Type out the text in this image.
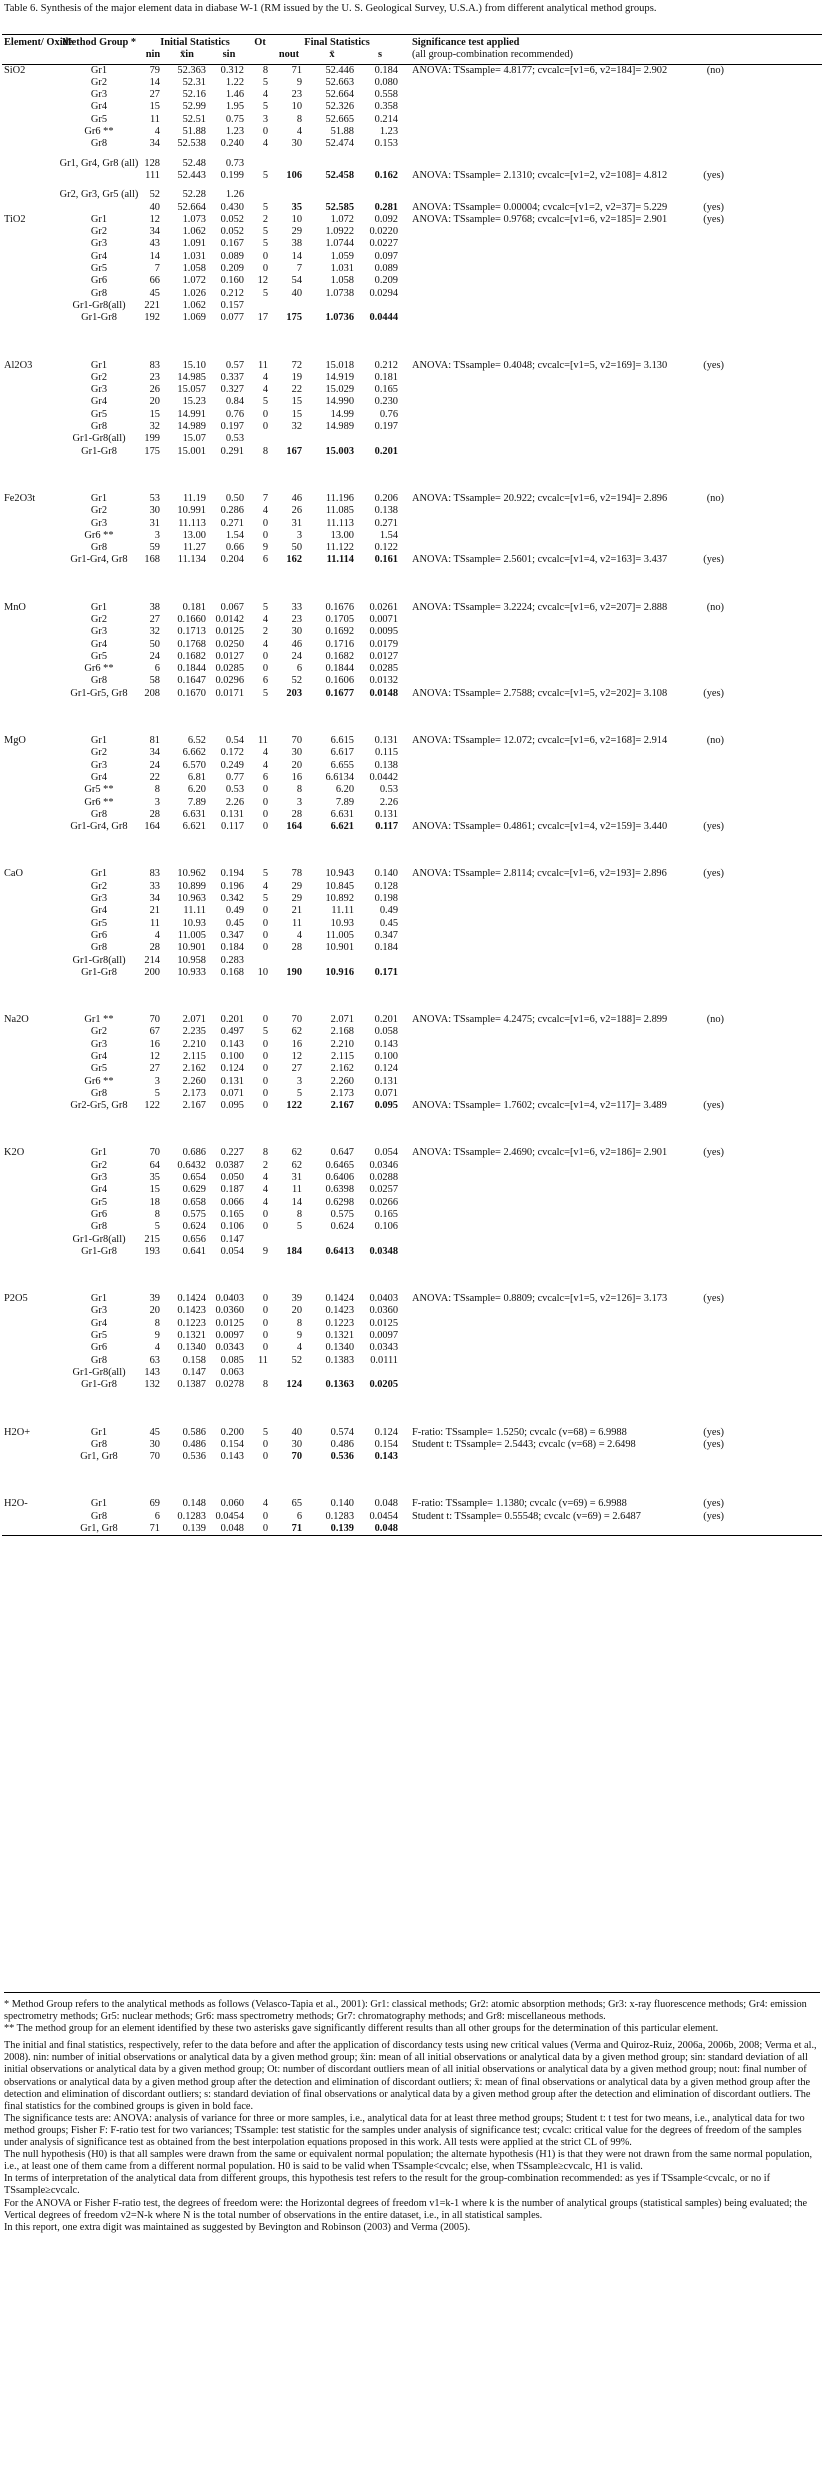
Table 6. Synthesis of the major element data in diabase W-1 (RM issued by the U. S. Geological Survey, U.S.A.) from different analytical method groups.
Element/ Oxide	Method Group *	Initial Statistics			Ot	Final Statistics			Significance test applied
		nin	x̄in	sin		nout	x̄	s	(all group-combination recommended)
SiO2	Gr1	79	52.363	0.312	8	71	52.446	0.184	ANOVA: TSsample= 4.8177; cvcalc=[v1=6, v2=184]= 2.902 (no)

	Gr2	14	52.31	1.22	5	9	52.663	0.080	
	Gr3	27	52.16	1.46	4	23	52.664	0.558	
	Gr4	15	52.99	1.95	5	10	52.326	0.358	
	Gr5	11	52.51	0.75	3	8	52.665	0.214	
	Gr6 **	4	51.88	1.23	0	4	51.88	1.23	
	Gr8	34	52.538	0.240	4	30	52.474	0.153	

	Gr1, Gr4, Gr8 (all)	128	52.48	0.73					
		111	52.443	0.199	5	106	52.458	0.162	ANOVA: TSsample= 2.1310; cvcalc=[v1=2, v2=108]= 4.812 (yes)

	Gr2, Gr3, Gr5 (all)	52	52.28	1.26					
		40	52.664	0.430	5	35	52.585	0.281	ANOVA: TSsample= 0.00004; cvcalc=[v1=2, v2=37]= 5.229 (yes)

TiO2	Gr1	12	1.073	0.052	2	10	1.072	0.092	ANOVA: TSsample= 0.9768; cvcalc=[v1=6, v2=185]= 2.901 (yes)

	Gr2	34	1.062	0.052	5	29	1.0922	0.0220	
	Gr3	43	1.091	0.167	5	38	1.0744	0.0227	
	Gr4	14	1.031	0.089	0	14	1.059	0.097	
	Gr5	7	1.058	0.209	0	7	1.031	0.089	
	Gr6	66	1.072	0.160	12	54	1.058	0.209	
	Gr8	45	1.026	0.212	5	40	1.0738	0.0294	
	Gr1-Gr8(all)	221	1.062	0.157					
	Gr1-Gr8	192	1.069	0.077	17	175	1.0736	0.0444	

Al2O3	Gr1	83	15.10	0.57	11	72	15.018	0.212	ANOVA: TSsample= 0.4048; cvcalc=[v1=5, v2=169]= 3.130 (yes)

	Gr2	23	14.985	0.337	4	19	14.919	0.181	
	Gr3	26	15.057	0.327	4	22	15.029	0.165	
	Gr4	20	15.23	0.84	5	15	14.990	0.230	
	Gr5	15	14.991	0.76	0	15	14.99	0.76	
	Gr8	32	14.989	0.197	0	32	14.989	0.197	
	Gr1-Gr8(all)	199	15.07	0.53					
	Gr1-Gr8	175	15.001	0.291	8	167	15.003	0.201	

Fe2O3t	Gr1	53	11.19	0.50	7	46	11.196	0.206	ANOVA: TSsample= 20.922; cvcalc=[v1=6, v2=194]= 2.896 (no)

	Gr2	30	10.991	0.286	4	26	11.085	0.138	
	Gr3	31	11.113	0.271	0	31	11.113	0.271	
	Gr6 **	3	13.00	1.54	0	3	13.00	1.54	
	Gr8	59	11.27	0.66	9	50	11.122	0.122	
	Gr1-Gr4, Gr8	168	11.134	0.204	6	162	11.114	0.161	ANOVA: TSsample= 2.5601; cvcalc=[v1=4, v2=163]= 3.437 (yes)

MnO	Gr1	38	0.181	0.067	5	33	0.1676	0.0261	ANOVA: TSsample= 3.2224; cvcalc=[v1=6, v2=207]= 2.888 (no)

	Gr2	27	0.1660	0.0142	4	23	0.1705	0.0071	
	Gr3	32	0.1713	0.0125	2	30	0.1692	0.0095	
	Gr4	50	0.1768	0.0250	4	46	0.1716	0.0179	
	Gr5	24	0.1682	0.0127	0	24	0.1682	0.0127	
	Gr6 **	6	0.1844	0.0285	0	6	0.1844	0.0285	
	Gr8	58	0.1647	0.0296	6	52	0.1606	0.0132	
	Gr1-Gr5, Gr8	208	0.1670	0.0171	5	203	0.1677	0.0148	ANOVA: TSsample= 2.7588; cvcalc=[v1=5, v2=202]= 3.108 (yes)

MgO	Gr1	81	6.52	0.54	11	70	6.615	0.131	ANOVA: TSsample= 12.072; cvcalc=[v1=6, v2=168]= 2.914 (no)

	Gr2	34	6.662	0.172	4	30	6.617	0.115	
	Gr3	24	6.570	0.249	4	20	6.655	0.138	
	Gr4	22	6.81	0.77	6	16	6.6134	0.0442	
	Gr5 **	8	6.20	0.53	0	8	6.20	0.53	
	Gr6 **	3	7.89	2.26	0	3	7.89	2.26	
	Gr8	28	6.631	0.131	0	28	6.631	0.131	
	Gr1-Gr4, Gr8	164	6.621	0.117	0	164	6.621	0.117	ANOVA: TSsample= 0.4861; cvcalc=[v1=4, v2=159]= 3.440 (yes)

CaO	Gr1	83	10.962	0.194	5	78	10.943	0.140	ANOVA: TSsample= 2.8114; cvcalc=[v1=6, v2=193]= 2.896 (yes)

	Gr2	33	10.899	0.196	4	29	10.845	0.128	
	Gr3	34	10.963	0.342	5	29	10.892	0.198	
	Gr4	21	11.11	0.49	0	21	11.11	0.49	
	Gr5	11	10.93	0.45	0	11	10.93	0.45	
	Gr6	4	11.005	0.347	0	4	11.005	0.347	
	Gr8	28	10.901	0.184	0	28	10.901	0.184	
	Gr1-Gr8(all)	214	10.958	0.283					
	Gr1-Gr8	200	10.933	0.168	10	190	10.916	0.171	

Na2O	Gr1 **	70	2.071	0.201	0	70	2.071	0.201	ANOVA: TSsample= 4.2475; cvcalc=[v1=6, v2=188]= 2.899 (no)

	Gr2	67	2.235	0.497	5	62	2.168	0.058	
	Gr3	16	2.210	0.143	0	16	2.210	0.143	
	Gr4	12	2.115	0.100	0	12	2.115	0.100	
	Gr5	27	2.162	0.124	0	27	2.162	0.124	
	Gr6 **	3	2.260	0.131	0	3	2.260	0.131	
	Gr8	5	2.173	0.071	0	5	2.173	0.071	
	Gr2-Gr5, Gr8	122	2.167	0.095	0	122	2.167	0.095	ANOVA: TSsample= 1.7602; cvcalc=[v1=4, v2=117]= 3.489 (yes)

K2O	Gr1	70	0.686	0.227	8	62	0.647	0.054	ANOVA: TSsample= 2.4690; cvcalc=[v1=6, v2=186]= 2.901 (yes)

	Gr2	64	0.6432	0.0387	2	62	0.6465	0.0346	
	Gr3	35	0.654	0.050	4	31	0.6406	0.0288	
	Gr4	15	0.629	0.187	4	11	0.6398	0.0257	
	Gr5	18	0.658	0.066	4	14	0.6298	0.0266	
	Gr6	8	0.575	0.165	0	8	0.575	0.165	
	Gr8	5	0.624	0.106	0	5	0.624	0.106	
	Gr1-Gr8(all)	215	0.656	0.147					
	Gr1-Gr8	193	0.641	0.054	9	184	0.6413	0.0348	

P2O5	Gr1	39	0.1424	0.0403	0	39	0.1424	0.0403	ANOVA: TSsample= 0.8809; cvcalc=[v1=5, v2=126]= 3.173 (yes)

	Gr3	20	0.1423	0.0360	0	20	0.1423	0.0360	
	Gr4	8	0.1223	0.0125	0	8	0.1223	0.0125	
	Gr5	9	0.1321	0.0097	0	9	0.1321	0.0097	
	Gr6	4	0.1340	0.0343	0	4	0.1340	0.0343	
	Gr8	63	0.158	0.085	11	52	0.1383	0.0111	
	Gr1-Gr8(all)	143	0.147	0.063					
	Gr1-Gr8	132	0.1387	0.0278	8	124	0.1363	0.0205	

H2O+	Gr1	45	0.586	0.200	5	40	0.574	0.124	F-ratio: TSsample= 1.5250; cvcalc (v=68) = 6.9988 (yes)

	Gr8	30	0.486	0.154	0	30	0.486	0.154	Student t: TSsample= 2.5443; cvcalc (v=68) = 2.6498 (yes)

	Gr1, Gr8	70	0.536	0.143	0	70	0.536	0.143	

H2O-	Gr1	69	0.148	0.060	4	65	0.140	0.048	F-ratio: TSsample= 1.1380; cvcalc (v=69) = 6.9988 (yes)

	Gr8	6	0.1283	0.0454	0	6	0.1283	0.0454	Student t: TSsample= 0.55548; cvcalc (v=69) = 2.6487 (yes)

	Gr1, Gr8	71	0.139	0.048	0	71	0.139	0.048	

* Method Group refers to the analytical methods as follows (Velasco-Tapia et al., 2001): Gr1: classical methods; Gr2: atomic absorption methods; Gr3: x-ray fluorescence methods; Gr4: emission spectrometry methods; Gr5: nuclear methods; Gr6: mass spectrometry methods; Gr7: chromatography methods; and Gr8: miscellaneous methods.

** The method group for an element identified by these two asterisks gave significantly different results than all other groups for the determination of this particular element.

The initial and final statistics, respectively, refer to the data before and after the application of discordancy tests using new critical values (Verma and Quiroz-Ruiz, 2006a, 2006b, 2008; Verma et al., 2008). nin: number of initial observations or analytical data by a given method group; x̄in: mean of all initial observations or analytical data by a given method group; sin: standard deviation of all initial observations or analytical data by a given method group; Ot: number of discordant outliers mean of all initial observations or analytical data by a given method group; nout: final number of observations or analytical data by a given method group after the detection and elimination of discordant outliers; x̄: mean of final observations or analytical data by a given method group after the detection and elimination of discordant outliers; s: standard deviation of final observations or analytical data by a given method group after the detection and elimination of discordant outliers. The final statistics for the combined groups is given in bold face.

The significance tests are: ANOVA: analysis of variance for three or more samples, i.e., analytical data for at least three method groups; Student t: t test for two means, i.e., analytical data for two method groups; Fisher F: F-ratio test for two variances; TSsample: test statistic for the samples under analysis of significance test; cvcalc: critical value for the degrees of freedom of the samples under analysis of significance test as obtained from the best interpolation equations proposed in this work. All tests were applied at the strict CL of 99%.

The null hypothesis (H0) is that all samples were drawn from the same or equivalent normal population; the alternate hypothesis (H1) is that they were not drawn from the same normal population, i.e., at least one of them came from a different normal population. H0 is said to be valid when TSsample<cvcalc; else, when TSsample≥cvcalc, H1 is valid.

In terms of interpretation of the analytical data from different groups, this hypothesis test refers to the result for the group-combination recommended: as yes if TSsample<cvcalc, or no if TSsample≥cvcalc.

For the ANOVA or Fisher F-ratio test, the degrees of freedom were: the Horizontal degrees of freedom v1=k-1 where k is the number of analytical groups (statistical samples) being evaluated; the Vertical degrees of freedom v2=N-k where N is the total number of observations in the entire dataset, i.e., in all statistical samples.

In this report, one extra digit was maintained as suggested by Bevington and Robinson (2003) and Verma (2005).
